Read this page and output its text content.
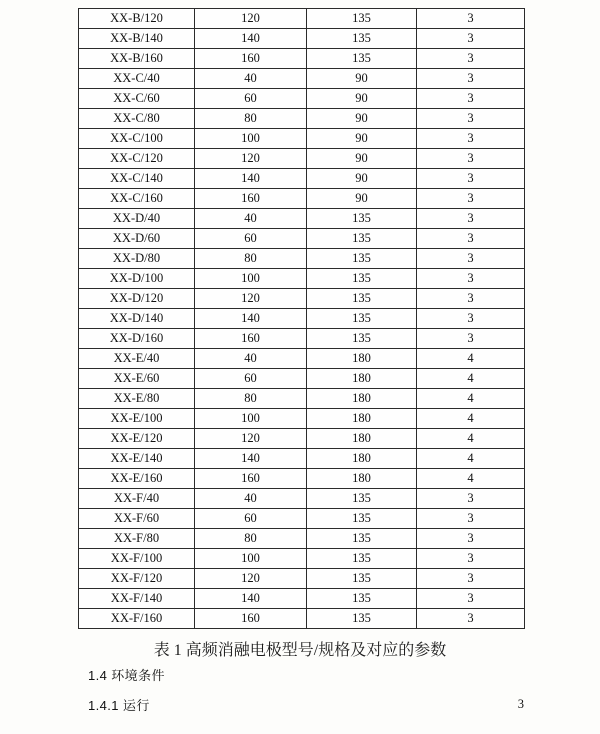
XX-B/120	120	135	3
XX-B/140	140	135	3
XX-B/160	160	135	3
XX-C/40	40	90	3
XX-C/60	60	90	3
XX-C/80	80	90	3
XX-C/100	100	90	3
XX-C/120	120	90	3
XX-C/140	140	90	3
XX-C/160	160	90	3
XX-D/40	40	135	3
XX-D/60	60	135	3
XX-D/80	80	135	3
XX-D/100	100	135	3
XX-D/120	120	135	3
XX-D/140	140	135	3
XX-D/160	160	135	3
XX-E/40	40	180	4
XX-E/60	60	180	4
XX-E/80	80	180	4
XX-E/100	100	180	4
XX-E/120	120	180	4
XX-E/140	140	180	4
XX-E/160	160	180	4
XX-F/40	40	135	3
XX-F/60	60	135	3
XX-F/80	80	135	3
XX-F/100	100	135	3
XX-F/120	120	135	3
XX-F/140	140	135	3
XX-F/160	160	135	3
表 1 高频消融电极型号/规格及对应的参数
1.4 环境条件
1.4.1 运行	3
